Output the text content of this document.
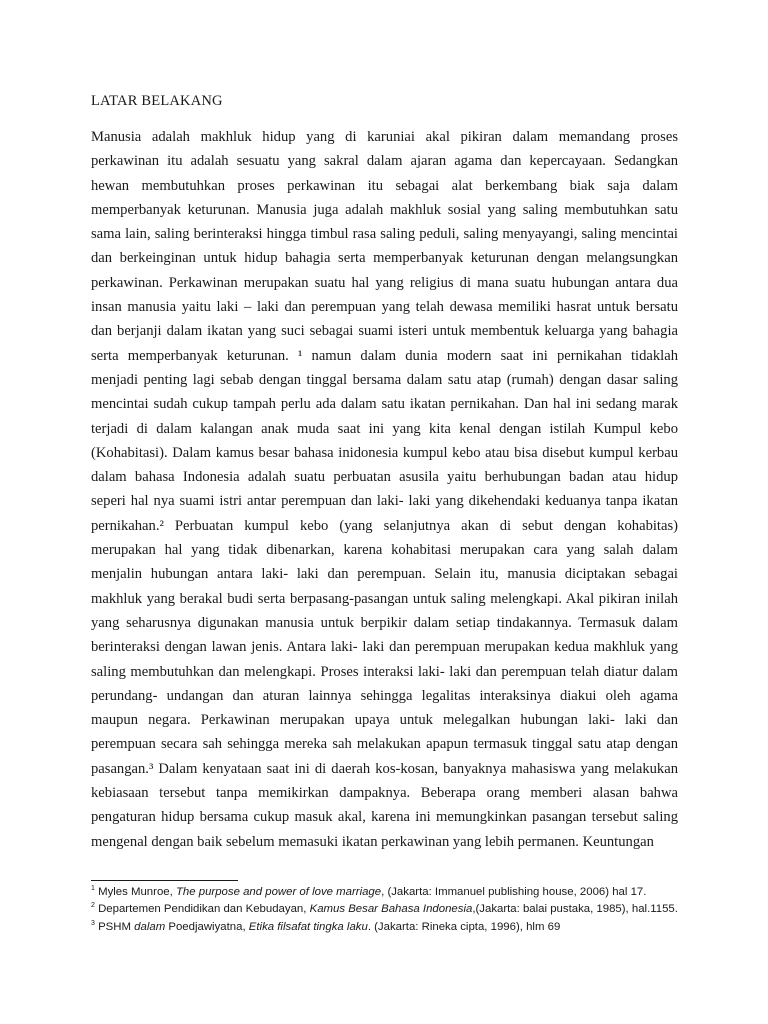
LATAR BELAKANG
Manusia adalah makhluk hidup yang di karuniai akal pikiran dalam memandang proses
perkawinan itu adalah sesuatu yang sakral dalam ajaran agama dan kepercayaan. Sedangkan
hewan membutuhkan proses perkawinan itu sebagai alat berkembang biak saja dalam
memperbanyak keturunan. Manusia juga adalah makhluk sosial yang saling membutuhkan satu
sama lain, saling berinteraksi hingga timbul rasa saling peduli, saling menyayangi, saling mencintai
dan berkeinginan untuk hidup bahagia serta memperbanyak keturunan dengan melangsungkan
perkawinan. Perkawinan merupakan suatu hal yang religius di mana suatu hubungan antara dua
insan manusia yaitu laki – laki dan perempuan yang telah dewasa memiliki hasrat untuk bersatu
dan berjanji dalam ikatan yang suci sebagai suami isteri untuk membentuk keluarga yang bahagia
serta memperbanyak keturunan. ¹ namun dalam dunia modern saat ini pernikahan tidaklah
menjadi penting lagi sebab dengan tinggal bersama dalam satu atap (rumah) dengan dasar saling
mencintai sudah cukup tampah perlu ada dalam satu ikatan pernikahan. Dan hal ini sedang marak
terjadi di dalam kalangan anak muda saat ini yang kita kenal dengan istilah Kumpul kebo
(Kohabitasi). Dalam kamus besar bahasa inidonesia kumpul kebo atau bisa disebut kumpul kerbau
dalam bahasa Indonesia adalah suatu perbuatan asusila yaitu berhubungan badan atau hidup
seperi hal nya suami istri antar perempuan dan laki- laki yang dikehendaki keduanya tanpa ikatan
pernikahan.² Perbuatan kumpul kebo (yang selanjutnya akan di sebut dengan kohabitas)
merupakan hal yang tidak dibenarkan, karena kohabitasi merupakan cara yang salah dalam
menjalin hubungan antara laki- laki dan perempuan. Selain itu, manusia diciptakan sebagai
makhluk yang berakal budi serta berpasang-pasangan untuk saling melengkapi. Akal pikiran inilah
yang seharusnya digunakan manusia untuk berpikir dalam setiap tindakannya. Termasuk dalam
berinteraksi dengan lawan jenis. Antara laki- laki dan perempuan merupakan kedua makhluk yang
saling membutuhkan dan melengkapi. Proses interaksi laki- laki dan perempuan telah diatur dalam
perundang- undangan dan aturan lainnya sehingga legalitas interaksinya diakui oleh agama
maupun negara. Perkawinan merupakan upaya untuk melegalkan hubungan laki- laki dan
perempuan secara sah sehingga mereka sah melakukan apapun termasuk tinggal satu atap dengan
pasangan.³ Dalam kenyataan saat ini di daerah kos-kosan, banyaknya mahasiswa yang melakukan
kebiasaan tersebut tanpa memikirkan dampaknya. Beberapa orang memberi alasan bahwa
pengaturan hidup bersama cukup masuk akal, karena ini memungkinkan pasangan tersebut saling
mengenal dengan baik sebelum memasuki ikatan perkawinan yang lebih permanen. Keuntungan
$^1$ Myles Munroe, The purpose and power of love marriage, (Jakarta: Immanuel publishing house, 2006) hal 17.
$^2$ Departemen Pendidikan dan Kebudayan, Kamus Besar Bahasa Indonesia,(Jakarta: balai pustaka, 1985), hal.1155.
$^3$ PSHM dalam Poedjawiyatna, Etika filsafat tingka laku. (Jakarta: Rineka cipta, 1996), hlm 69
